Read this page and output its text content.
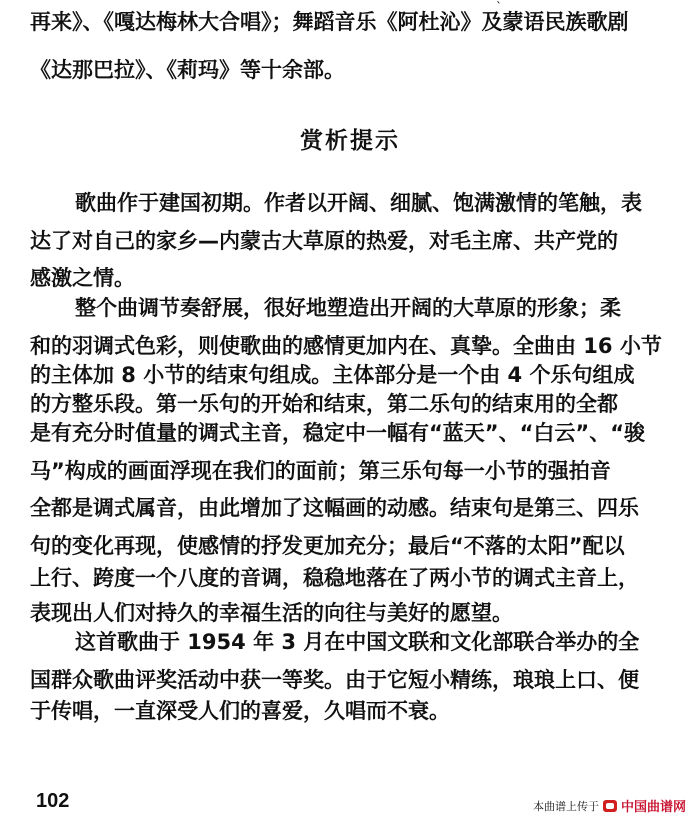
`
再来》、《嘎达梅林大合唱》；舞蹈音乐《阿杜沁》及蒙语民族歌剧
《达那巴拉》、《莉玛》等十余部。
赏析提示
歌曲作于建国初期。作者以开阔、细腻、饱满激情的笔触，表
达了对自己的家乡—内蒙古大草原的热爱，对毛主席、共产党的
感激之情。
整个曲调节奏舒展，很好地塑造出开阔的大草原的形象；柔
和的羽调式色彩，则使歌曲的感情更加内在、真挚。全曲由 16 小节
的主体加 8 小节的结束句组成。主体部分是一个由 4 个乐句组成
的方整乐段。第一乐句的开始和结束，第二乐句的结束用的全都
是有充分时值量的调式主音，稳定中一幅有“蓝天”、“白云”、“骏
马”构成的画面浮现在我们的面前；第三乐句每一小节的强拍音
全都是调式属音，由此增加了这幅画的动感。结束句是第三、四乐
句的变化再现，使感情的抒发更加充分；最后“不落的太阳”配以
上行、跨度一个八度的音调，稳稳地落在了两小节的调式主音上，
表现出人们对持久的幸福生活的向往与美好的愿望。
这首歌曲于 1954 年 3 月在中国文联和文化部联合举办的全
国群众歌曲评奖活动中获一等奖。由于它短小精练，琅琅上口、便
于传唱，一直深受人们的喜爱，久唱而不衰。
102	本曲谱上传于 中国曲谱网
